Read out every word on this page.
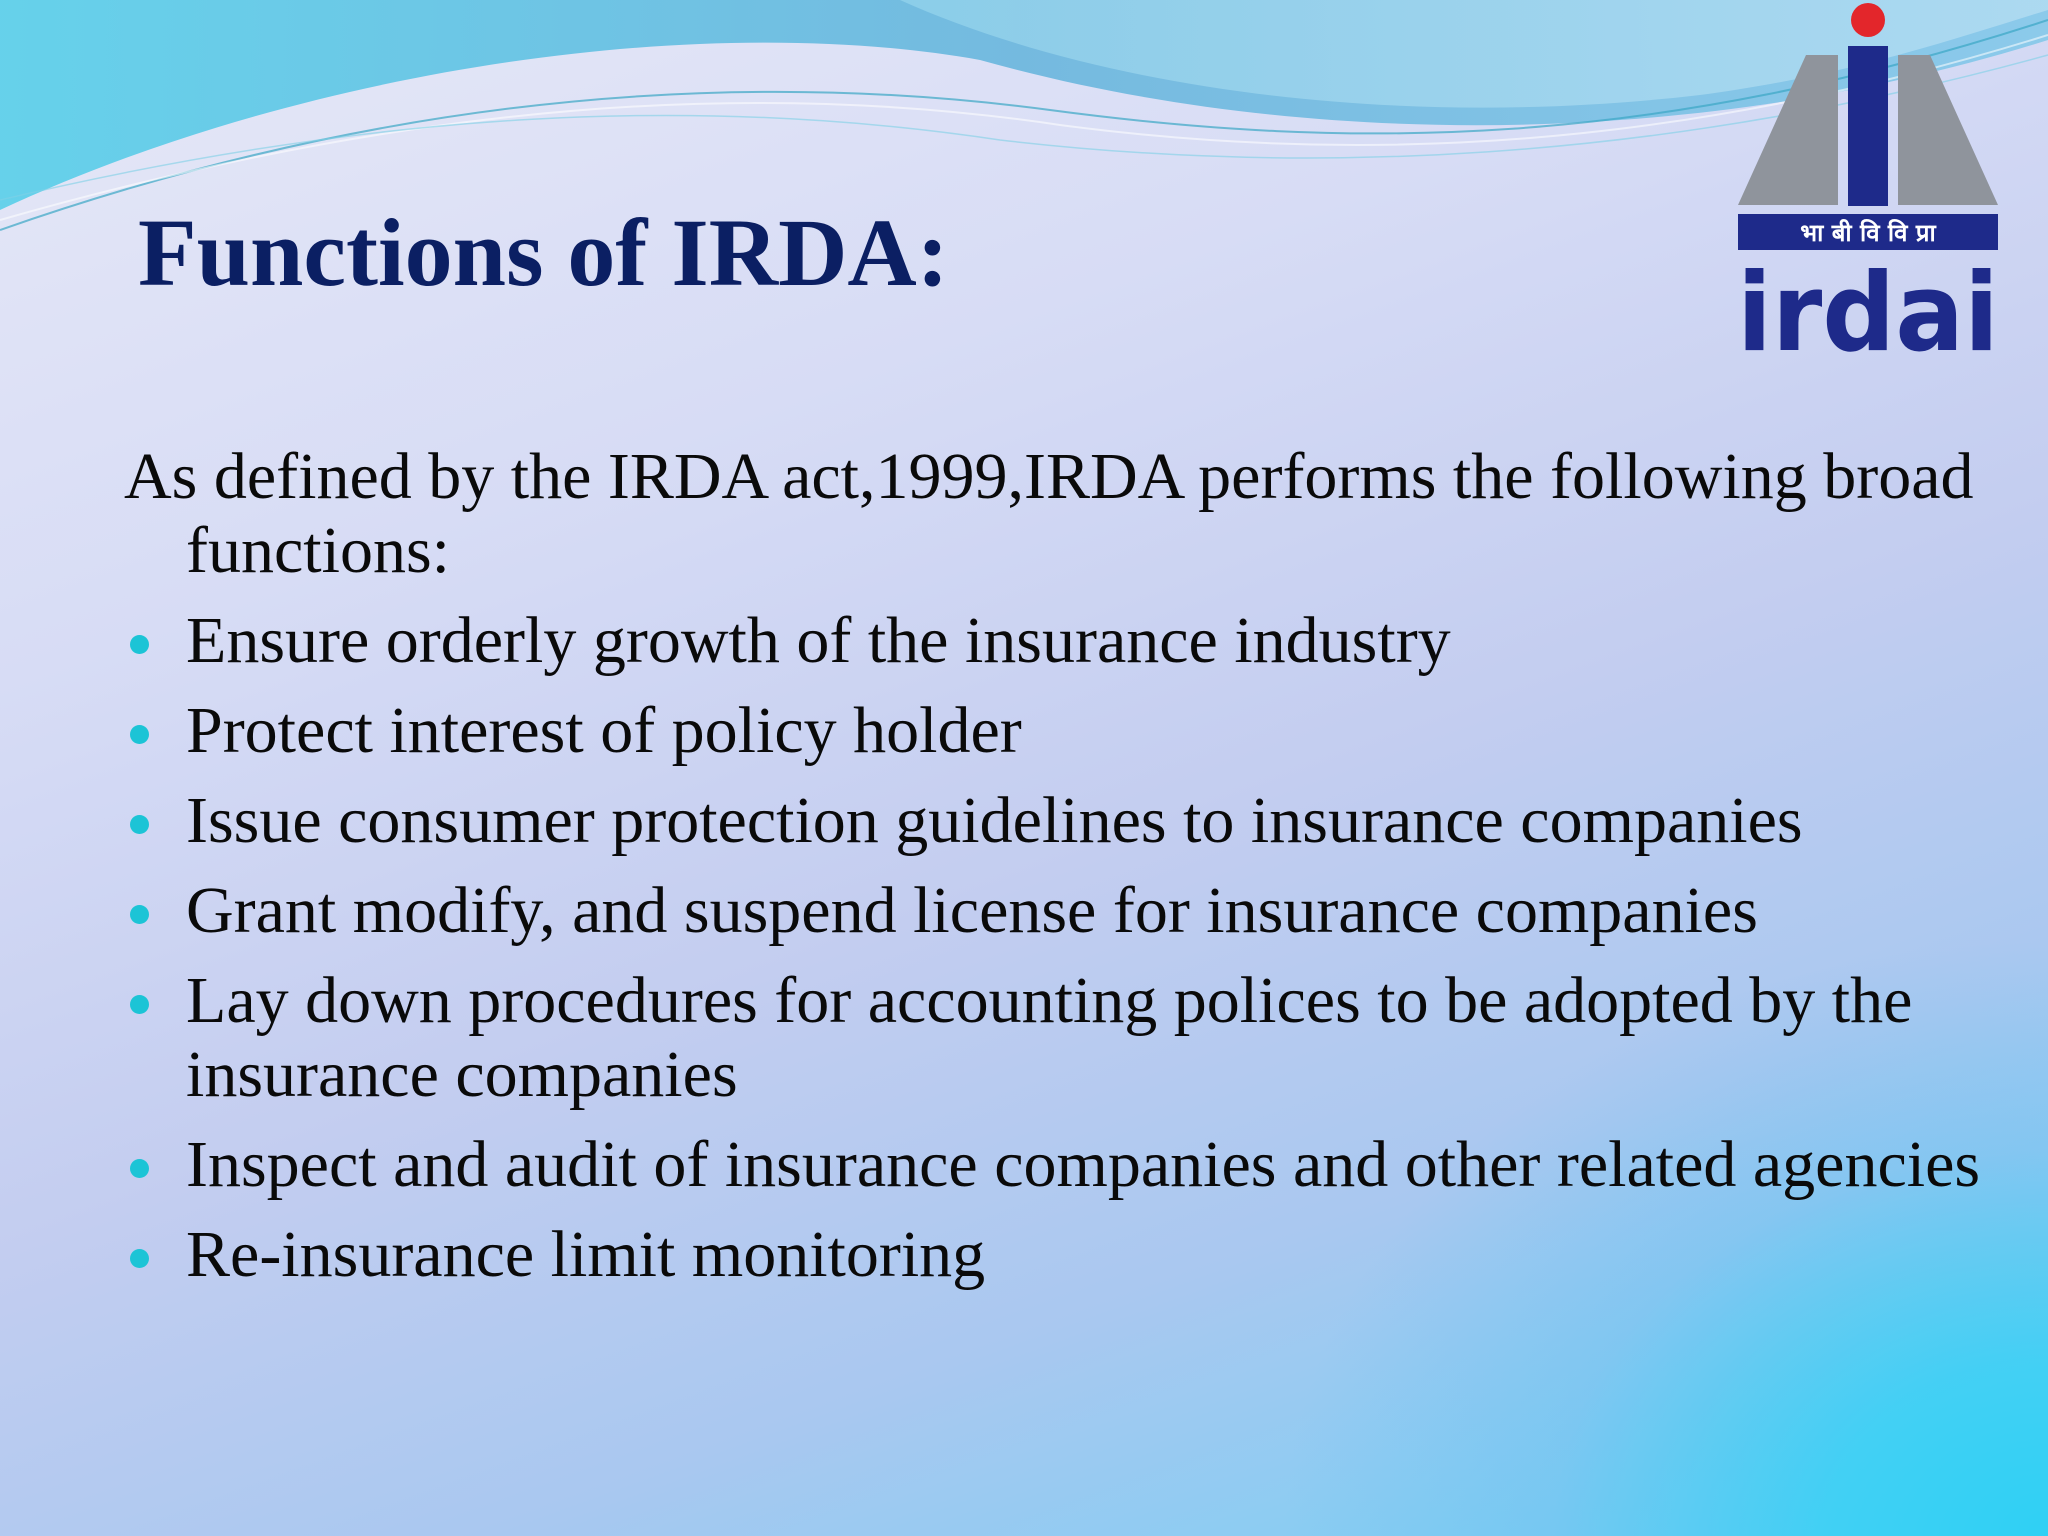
Functions of IRDA:	भा बी वि वि प्रा
irdai

As defined by the IRDA act,1999,IRDA performs the following broad functions:

Ensure orderly growth of the insurance industry
Protect interest of policy holder
Issue consumer protection guidelines to insurance companies
Grant modify, and suspend license for insurance companies
Lay down procedures for accounting polices to be adopted by the insurance companies
Inspect and audit of insurance companies and other related agencies
Re-insurance limit monitoring
